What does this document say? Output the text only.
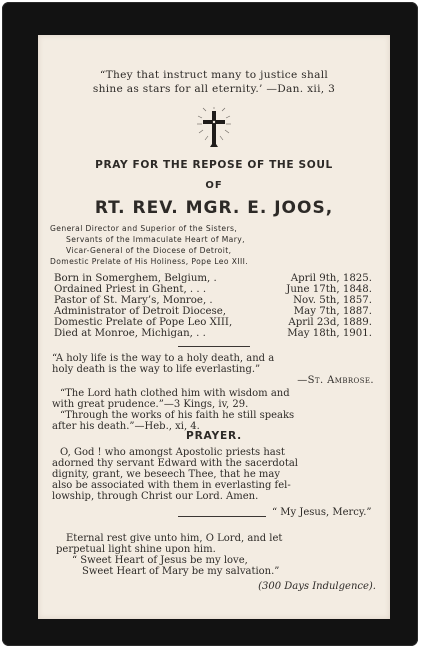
“They that instruct many to justice shall
shine as stars for all eternity.’ —Dan. xii, 3
PRAY FOR THE REPOSE OF THE SOUL
OF
RT. REV. MGR. E. JOOS,
General Director and Superior of the Sisters,
Servants of the Immaculate Heart of Mary,
Vicar-General of the Diocese of Detroit,
Domestic Prelate of His Holiness, Pope Leo XIII.
Born in Somerghem, Belgium, .	April 9th, 1825.
Ordained Priest in Ghent, . . .	June 17th, 1848.
Pastor of St. Mary’s, Monroe, .	Nov. 5th, 1857.
Administrator of Detroit Diocese,	May 7th, 1887.
Domestic Prelate of Pope Leo XIII,	April 23d, 1889.
Died at Monroe, Michigan, . .	May 18th, 1901.
“A holy life is the way to a holy death, and a
holy death is the way to life everlasting.”
—St. Ambrose.
“The Lord hath clothed him with wisdom and
with great prudence.”—3 Kings, iv, 29.
“Through the works of his faith he still speaks
after his death.”—Heb., xi, 4.
PRAYER.
O, God ! who amongst Apostolic priests hast
adorned thy servant Edward with the sacerdotal
dignity, grant, we beseech Thee, that he may
also be associated with them in everlasting fel-
lowship, through Christ our Lord. Amen.
“ My Jesus, Mercy.”
Eternal rest give unto him, O Lord, and let
perpetual light shine upon him.
“ Sweet Heart of Jesus be my love,
Sweet Heart of Mary be my salvation.”
(300 Days Indulgence).
